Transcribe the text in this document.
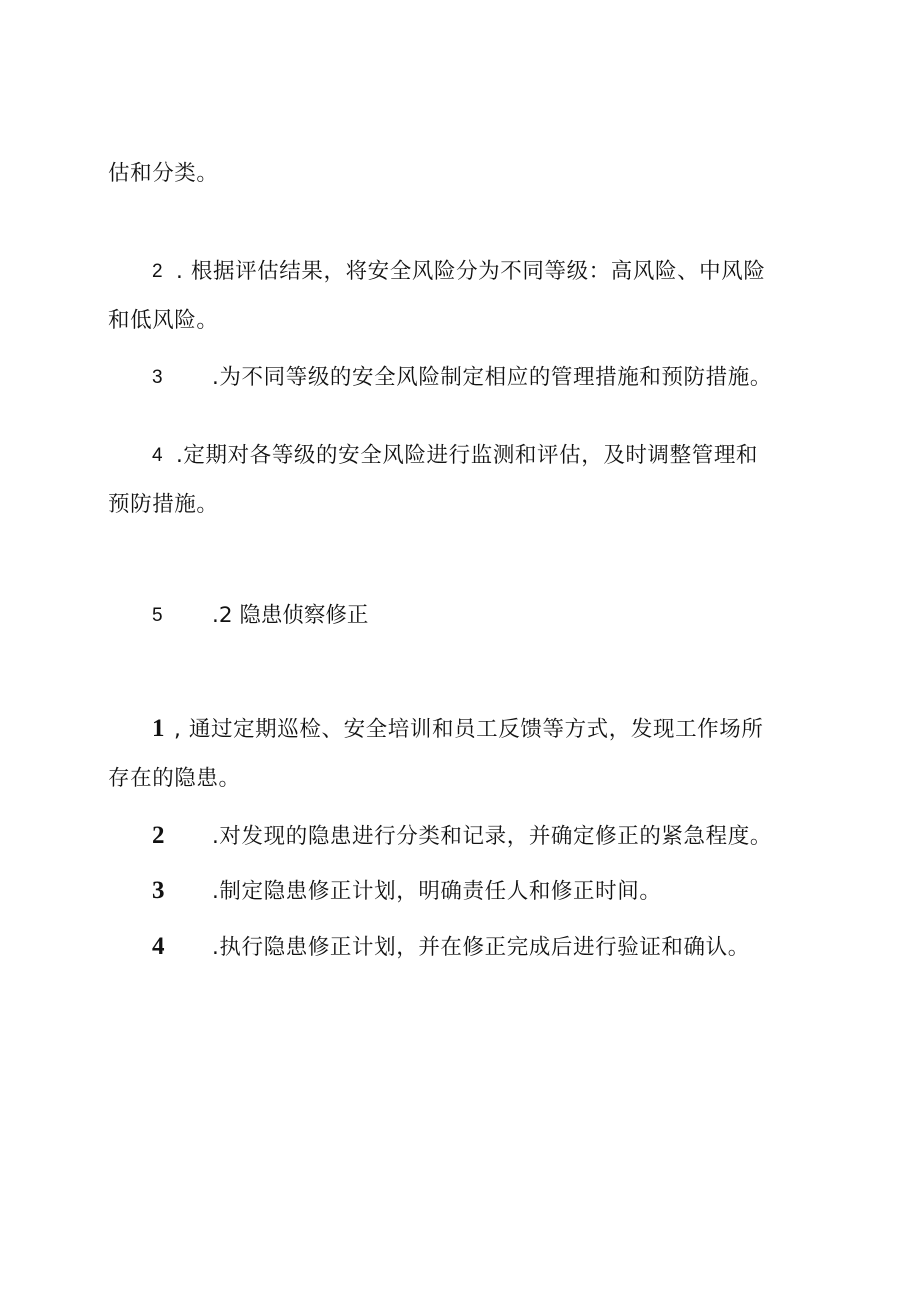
估和分类。
2 . 根据评估结果，将安全风险分为不同等级：高风险、中风险
和低风险。
3 .为不同等级的安全风险制定相应的管理措施和预防措施。
4 .定期对各等级的安全风险进行监测和评估，及时调整管理和
预防措施。
5 .2 隐患侦察修正
1 , 通过定期巡检、安全培训和员工反馈等方式，发现工作场所
存在的隐患。
2 .对发现的隐患进行分类和记录，并确定修正的紧急程度。
3 .制定隐患修正计划，明确责任人和修正时间。
4 .执行隐患修正计划，并在修正完成后进行验证和确认。
